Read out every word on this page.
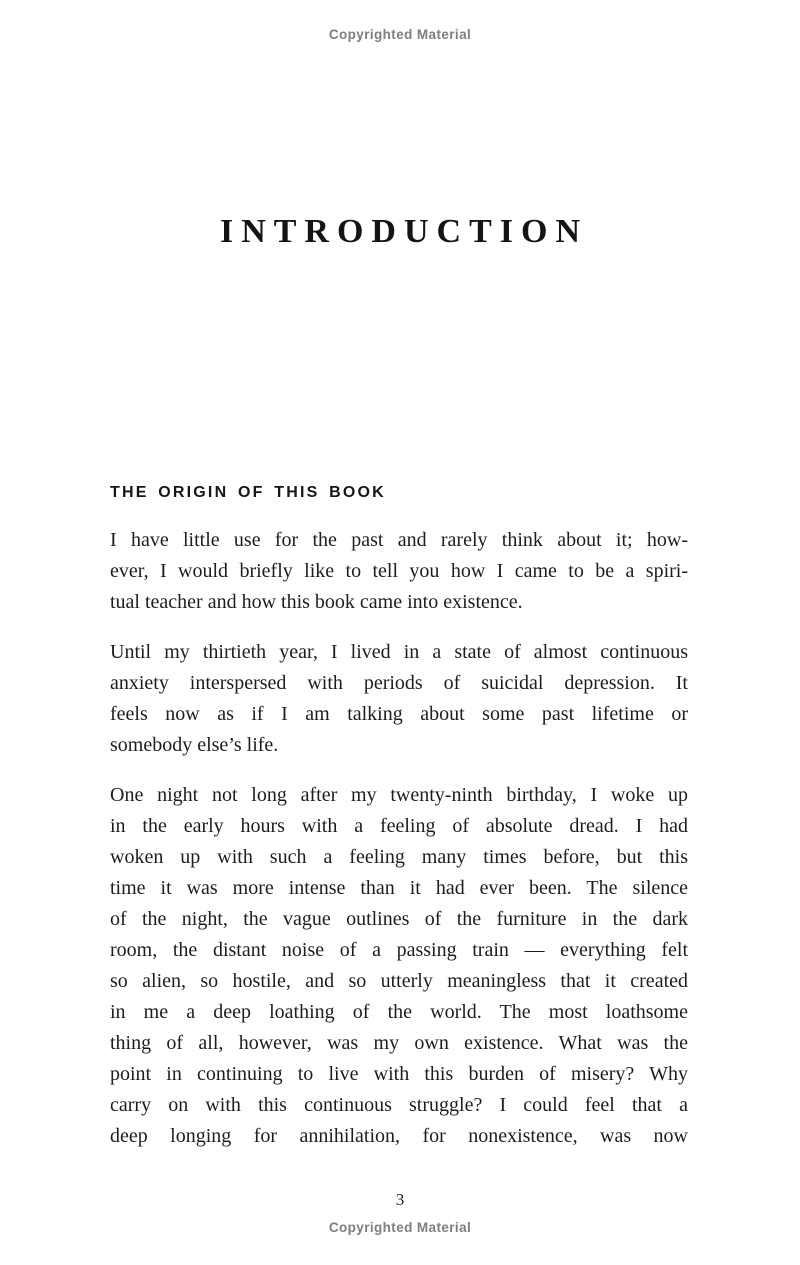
Copyrighted Material
INTRODUCTION
THE ORIGIN OF THIS BOOK
I have little use for the past and rarely think about it; how-
ever, I would briefly like to tell you how I came to be a spiri-
tual teacher and how this book came into existence.
Until my thirtieth year, I lived in a state of almost continuous
anxiety interspersed with periods of suicidal depression. It
feels now as if I am talking about some past lifetime or
somebody else’s life.
One night not long after my twenty-ninth birthday, I woke up
in the early hours with a feeling of absolute dread. I had
woken up with such a feeling many times before, but this
time it was more intense than it had ever been. The silence
of the night, the vague outlines of the furniture in the dark
room, the distant noise of a passing train — everything felt
so alien, so hostile, and so utterly meaningless that it created
in me a deep loathing of the world. The most loathsome
thing of all, however, was my own existence. What was the
point in continuing to live with this burden of misery? Why
carry on with this continuous struggle? I could feel that a
deep longing for annihilation, for nonexistence, was now
3
Copyrighted Material
